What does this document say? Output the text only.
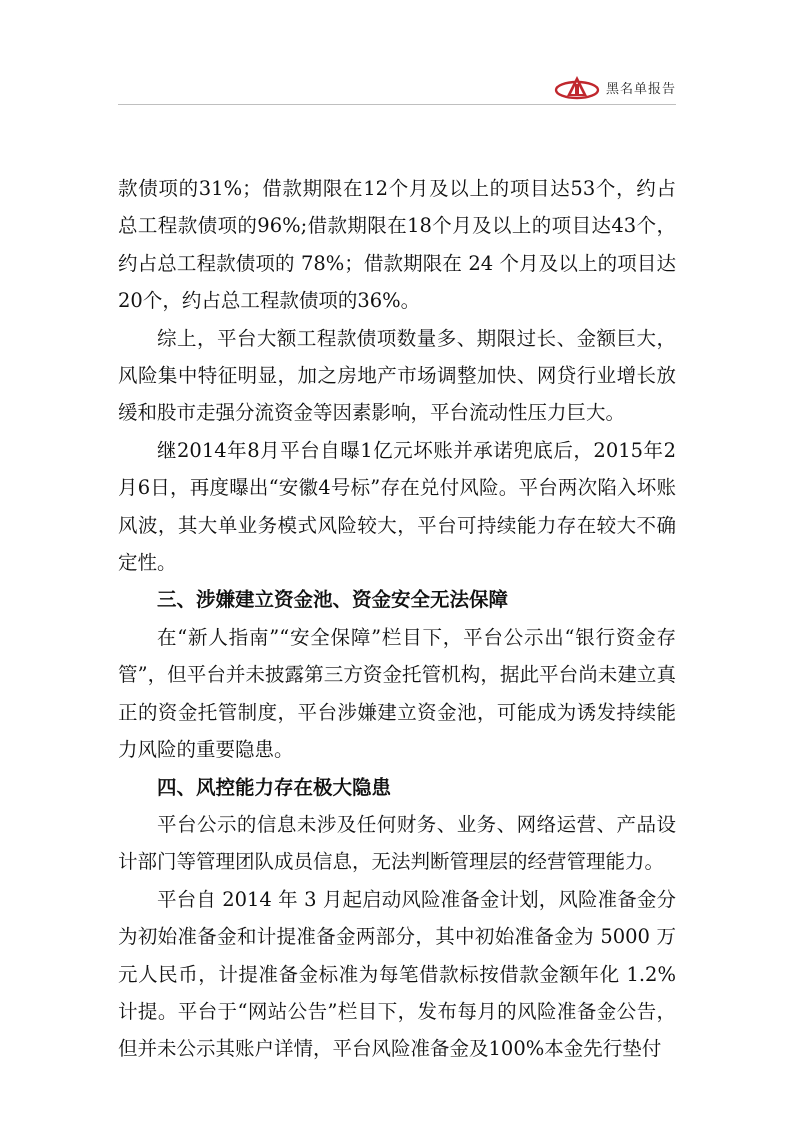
黑名单报告

款债项的31%；借款期限在12个月及以上的项目达53个，约占总工程款债项的96%;借款期限在18个月及以上的项目达43个，约占总工程款债项的 78%；借款期限在 24 个月及以上的项目达20个，约占总工程款债项的36%。

综上，平台大额工程款债项数量多、期限过长、金额巨大，风险集中特征明显，加之房地产市场调整加快、网贷行业增长放缓和股市走强分流资金等因素影响，平台流动性压力巨大。

继2014年8月平台自曝1亿元坏账并承诺兜底后，2015年2月6日，再度曝出“安徽4号标”存在兑付风险。平台两次陷入坏账风波，其大单业务模式风险较大，平台可持续能力存在较大不确定性。

三、涉嫌建立资金池、资金安全无法保障

在“新人指南”“安全保障”栏目下，平台公示出“银行资金存管”，但平台并未披露第三方资金托管机构，据此平台尚未建立真正的资金托管制度，平台涉嫌建立资金池，可能成为诱发持续能力风险的重要隐患。

四、风控能力存在极大隐患

平台公示的信息未涉及任何财务、业务、网络运营、产品设计部门等管理团队成员信息，无法判断管理层的经营管理能力。

平台自 2014 年 3 月起启动风险准备金计划，风险准备金分为初始准备金和计提准备金两部分，其中初始准备金为 5000 万元人民币，计提准备金标准为每笔借款标按借款金额年化 1.2%计提。平台于“网站公告”栏目下，发布每月的风险准备金公告，但并未公示其账户详情，平台风险准备金及100%本金先行垫付
